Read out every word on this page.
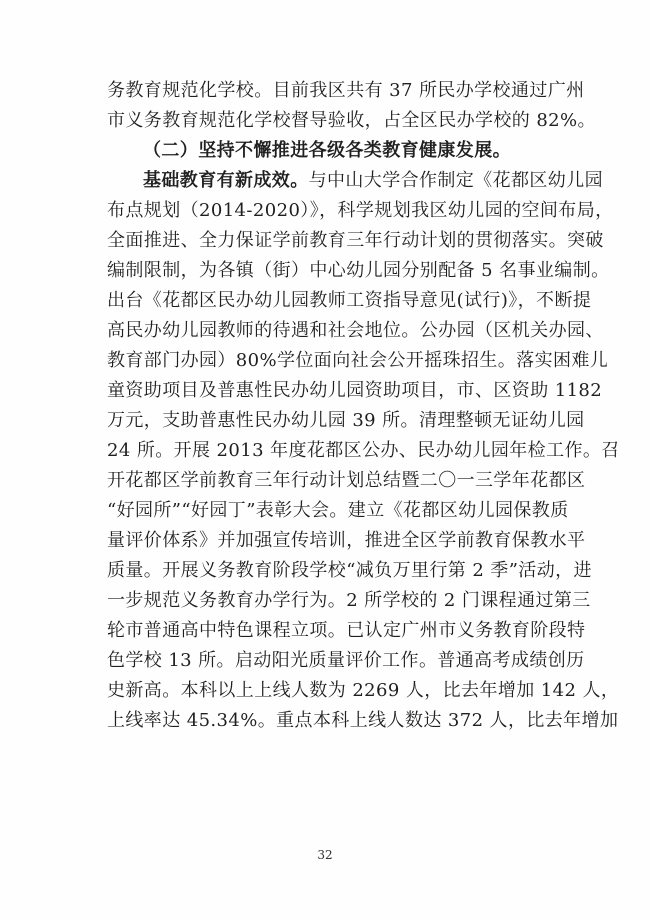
务教育规范化学校。目前我区共有 37 所民办学校通过广州
市义务教育规范化学校督导验收，占全区民办学校的 82%。
（二）坚持不懈推进各级各类教育健康发展。
基础教育有新成效。与中山大学合作制定《花都区幼儿园
布点规划（2014-2020）》，科学规划我区幼儿园的空间布局，
全面推进、全力保证学前教育三年行动计划的贯彻落实。突破
编制限制，为各镇（街）中心幼儿园分别配备 5 名事业编制。
出台《花都区民办幼儿园教师工资指导意见(试行)》，不断提
高民办幼儿园教师的待遇和社会地位。公办园（区机关办园、
教育部门办园）80%学位面向社会公开摇珠招生。落实困难儿
童资助项目及普惠性民办幼儿园资助项目，市、区资助 1182
万元，支助普惠性民办幼儿园 39 所。清理整顿无证幼儿园
24 所。开展 2013 年度花都区公办、民办幼儿园年检工作。召
开花都区学前教育三年行动计划总结暨二〇一三学年花都区
“好园所”“好园丁”表彰大会。建立《花都区幼儿园保教质
量评价体系》并加强宣传培训，推进全区学前教育保教水平
质量。开展义务教育阶段学校“减负万里行第 2 季”活动，进
一步规范义务教育办学行为。2 所学校的 2 门课程通过第三
轮市普通高中特色课程立项。已认定广州市义务教育阶段特
色学校 13 所。启动阳光质量评价工作。普通高考成绩创历
史新高。本科以上上线人数为 2269 人，比去年增加 142 人，
上线率达 45.34%。重点本科上线人数达 372 人，比去年增加
32
